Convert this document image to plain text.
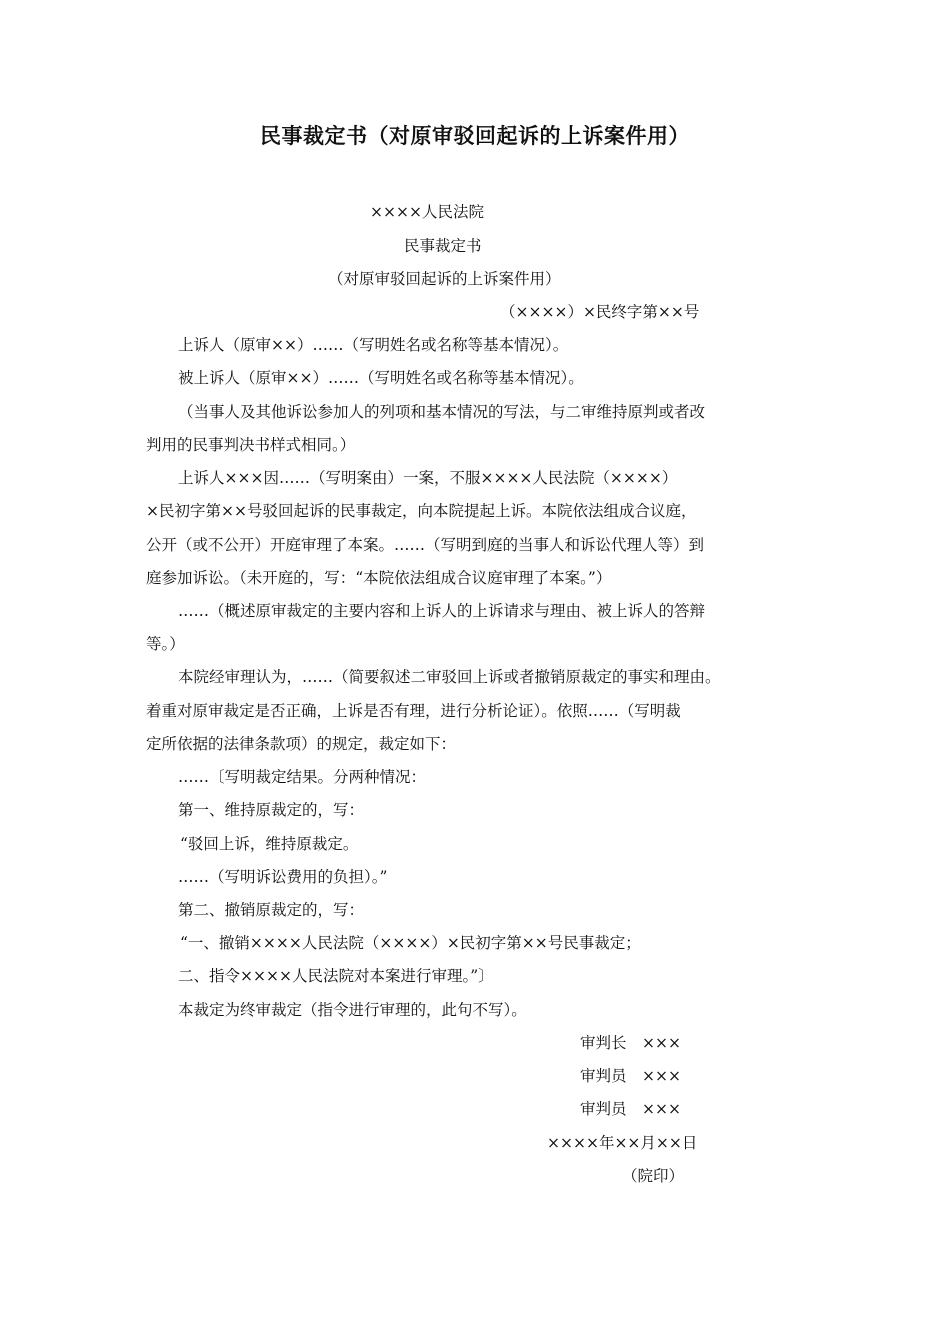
民事裁定书（对原审驳回起诉的上诉案件用）

××××人民法院

民事裁定书

（对原审驳回起诉的上诉案件用）

（××××）×民终字第××号

上诉人（原审××）……（写明姓名或名称等基本情况）。

被上诉人（原审××）……（写明姓名或名称等基本情况）。

（当事人及其他诉讼参加人的列项和基本情况的写法，与二审维持原判或者改

判用的民事判决书样式相同。）

上诉人×××因……（写明案由）一案，不服××××人民法院（××××）

×民初字第××号驳回起诉的民事裁定，向本院提起上诉。本院依法组成合议庭，

公开（或不公开）开庭审理了本案。……（写明到庭的当事人和诉讼代理人等）到

庭参加诉讼。（未开庭的，写：“本院依法组成合议庭审理了本案。”）

……（概述原审裁定的主要内容和上诉人的上诉请求与理由、被上诉人的答辩

等。）

本院经审理认为，……（简要叙述二审驳回上诉或者撤销原裁定的事实和理由。

着重对原审裁定是否正确，上诉是否有理，进行分析论证）。依照……（写明裁

定所依据的法律条款项）的规定，裁定如下：

……〔写明裁定结果。分两种情况：

第一、维持原裁定的，写：

“驳回上诉，维持原裁定。

……（写明诉讼费用的负担）。”

第二、撤销原裁定的，写：

“一、撤销××××人民法院（××××）×民初字第××号民事裁定；

二、指令××××人民法院对本案进行审理。”〕

本裁定为终审裁定（指令进行审理的，此句不写）。

审判长　×××

审判员　×××

审判员　×××

××××年××月××日

（院印）
